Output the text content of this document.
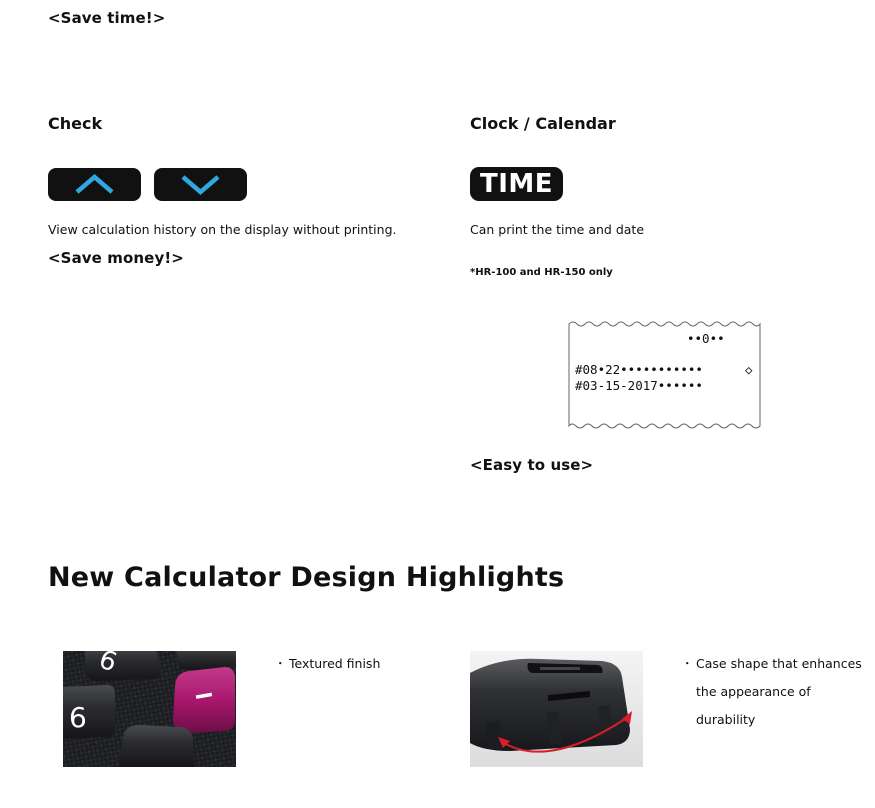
<Save time!>
Check
View calculation history on the display without printing.
<Save money!>
Clock / Calendar
TIME
Can print the time and date
*HR-100 and HR-150 only
••0••
#08•22•••••••••••	◇
#03-15-2017••••••
<Easy to use>
New Calculator Design Highlights
9
6
・ Textured finish	・ Case shape that enhances
the appearance of durability
